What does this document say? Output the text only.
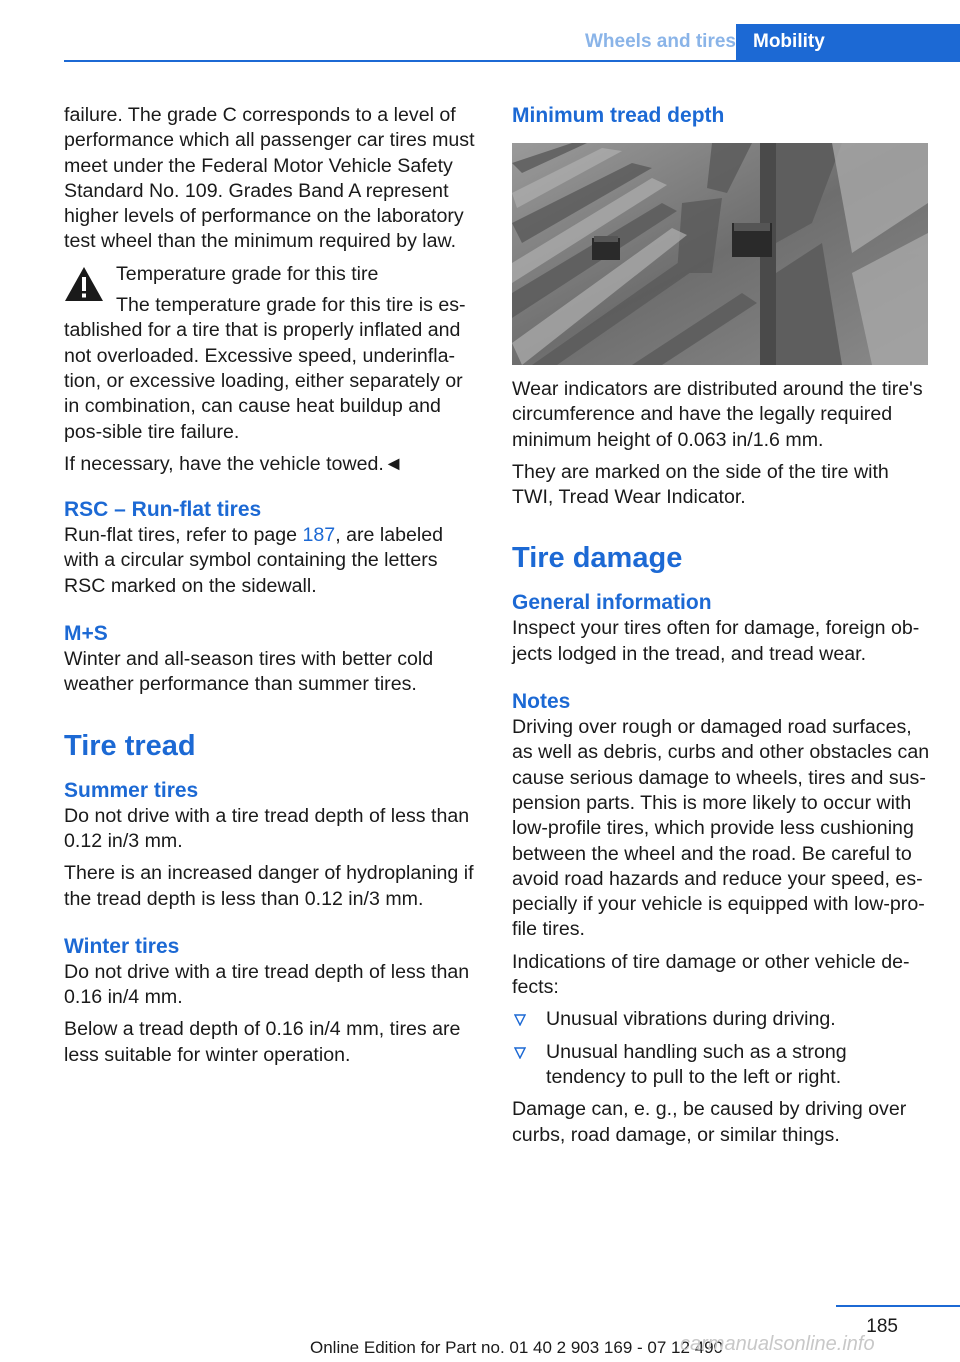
Wheels and tires Mobility

failure. The grade C corresponds to a level of performance which all passenger car tires must meet under the Federal Motor Vehicle Safety Standard No. 109. Grades Band A represent higher levels of performance on the laboratory test wheel than the minimum required by law.

Temperature grade for this tire

The temperature grade for this tire is es-

tablished for a tire that is properly inflated and not overloaded. Excessive speed, underinfla-tion, or excessive loading, either separately or in combination, can cause heat buildup and pos-sible tire failure.

If necessary, have the vehicle towed.◄

RSC – Run-flat tires

Run-flat tires, refer to page 187, are labeled with a circular symbol containing the letters RSC marked on the sidewall.

M+S

Winter and all-season tires with better cold weather performance than summer tires.

Tire tread
Summer tires

Do not drive with a tire tread depth of less than 0.12 in/3 mm.

There is an increased danger of hydroplaning if the tread depth is less than 0.12 in/3 mm.

Winter tires

Do not drive with a tire tread depth of less than 0.16 in/4 mm.

Below a tread depth of 0.16 in/4 mm, tires are less suitable for winter operation.

Minimum tread depth

Wear indicators are distributed around the tire's circumference and have the legally required minimum height of 0.063 in/1.6 mm.

They are marked on the side of the tire with TWI, Tread Wear Indicator.

Tire damage
General information

Inspect your tires often for damage, foreign ob-jects lodged in the tread, and tread wear.

Notes

Driving over rough or damaged road surfaces, as well as debris, curbs and other obstacles can cause serious damage to wheels, tires and sus-pension parts. This is more likely to occur with low-profile tires, which provide less cushioning between the wheel and the road. Be careful to avoid road hazards and reduce your speed, es-pecially if your vehicle is equipped with low-pro-file tires.

Indications of tire damage or other vehicle de-fects:

Unusual vibrations during driving.
Unusual handling such as a strong tendency to pull to the left or right.

Damage can, e. g., be caused by driving over curbs, road damage, or similar things.

185
Online Edition for Part no. 01 40 2 903 169 - 07 12 490
carmanualsonline.info
